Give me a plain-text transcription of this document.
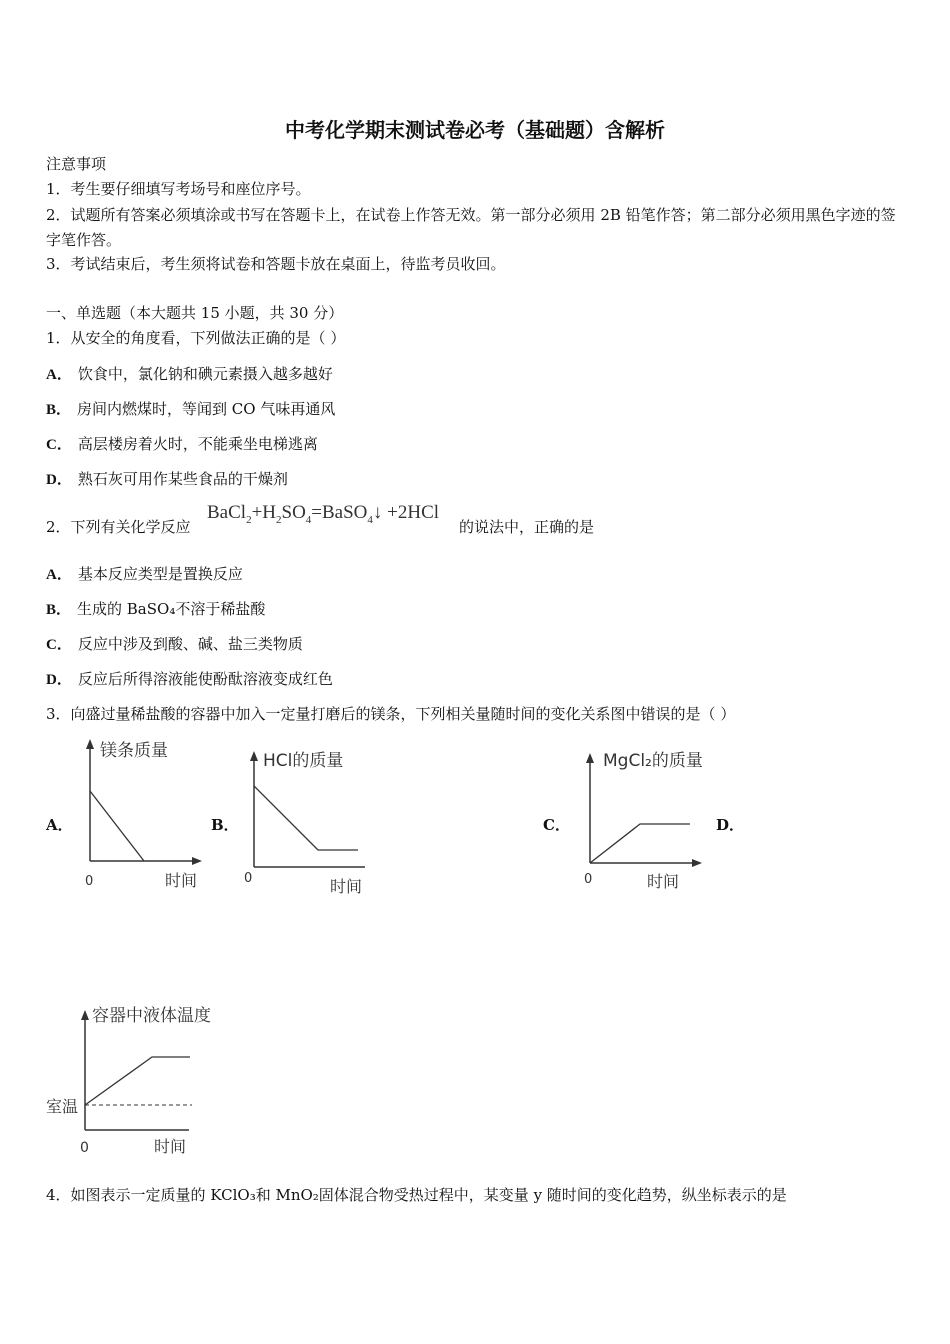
中考化学期末测试卷必考（基础题）含解析
注意事项
1．考生要仔细填写考场号和座位序号。
2．试题所有答案必须填涂或书写在答题卡上，在试卷上作答无效。第一部分必须用 2B 铅笔作答；第二部分必须用黑色字迹的签字笔作答。
3．考试结束后，考生须将试卷和答题卡放在桌面上，待监考员收回。
一、单选题（本大题共 15 小题，共 30 分）
1．从安全的角度看，下列做法正确的是（ ）
A． 饮食中，氯化钠和碘元素摄入越多越好
B． 房间内燃煤时，等闻到 CO 气味再通风
C． 高层楼房着火时，不能乘坐电梯逃离
D． 熟石灰可用作某些食品的干燥剂
2．下列有关化学反应
$BaCl_2+H_2SO_4=BaSO_4↓ +2HCl$
的说法中，正确的是
A． 基本反应类型是置换反应
B． 生成的 BaSO₄不溶于稀盐酸
C． 反应中涉及到酸、碱、盐三类物质
D． 反应后所得溶液能使酚酞溶液变成红色
3．向盛过量稀盐酸的容器中加入一定量打磨后的镁条，下列相关量随时间的变化关系图中错误的是（ ）
A．	B．	C．	D．
镁条质量
0	时间
HCl的质量
0	时间
MgCl₂的质量
0	时间
容器中液体温度
室温
0	时间
4．如图表示一定质量的 KClO₃和 MnO₂固体混合物受热过程中，某变量 y 随时间的变化趋势，纵坐标表示的是
